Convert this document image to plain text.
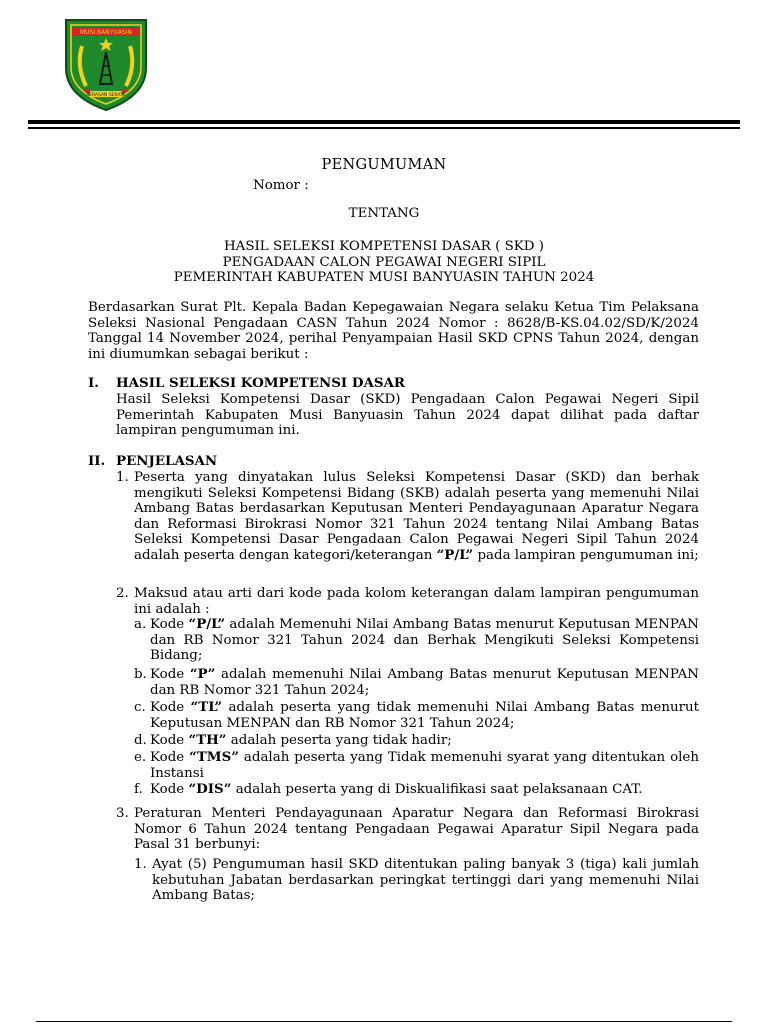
MUSI BANYUASIN
SERASAN SEKATE
PENGUMUMAN
Nomor :
TENTANG
HASIL SELEKSI KOMPETENSI DASAR ( SKD )
PENGADAAN CALON PEGAWAI NEGERI SIPIL
PEMERINTAH KABUPATEN MUSI BANYUASIN TAHUN 2024
Berdasarkan Surat Plt. Kepala Badan Kepegawaian Negara selaku Ketua Tim Pelaksana Seleksi Nasional Pengadaan CASN Tahun 2024 Nomor : 8628/B-KS.04.02/SD/K/2024 Tanggal 14 November 2024, perihal Penyampaian Hasil SKD CPNS Tahun 2024, dengan ini diumumkan sebagai berikut :
I. HASIL SELEKSI KOMPETENSI DASAR
Hasil Seleksi Kompetensi Dasar (SKD) Pengadaan Calon Pegawai Negeri Sipil Pemerintah Kabupaten Musi Banyuasin Tahun 2024 dapat dilihat pada daftar lampiran pengumuman ini.
II. PENJELASAN
1. Peserta yang dinyatakan lulus Seleksi Kompetensi Dasar (SKD) dan berhak mengikuti Seleksi Kompetensi Bidang (SKB) adalah peserta yang memenuhi Nilai Ambang Batas berdasarkan Keputusan Menteri Pendayagunaan Aparatur Negara dan Reformasi Birokrasi Nomor 321 Tahun 2024 tentang Nilai Ambang Batas Seleksi Kompetensi Dasar Pengadaan Calon Pegawai Negeri Sipil Tahun 2024 adalah peserta dengan kategori/keterangan “P/L” pada lampiran pengumuman ini;
2. Maksud atau arti dari kode pada kolom keterangan dalam lampiran pengumuman ini adalah :
a. Kode “P/L” adalah Memenuhi Nilai Ambang Batas menurut Keputusan MENPAN dan RB Nomor 321 Tahun 2024 dan Berhak Mengikuti Seleksi Kompetensi Bidang;
b. Kode “P” adalah memenuhi Nilai Ambang Batas menurut Keputusan MENPAN dan RB Nomor 321 Tahun 2024;
c. Kode “TL” adalah peserta yang tidak memenuhi Nilai Ambang Batas menurut Keputusan MENPAN dan RB Nomor 321 Tahun 2024;
d. Kode “TH” adalah peserta yang tidak hadir;
e. Kode “TMS” adalah peserta yang Tidak memenuhi syarat yang ditentukan oleh Instansi
f. Kode “DIS” adalah peserta yang di Diskualifikasi saat pelaksanaan CAT.
3. Peraturan Menteri Pendayagunaan Aparatur Negara dan Reformasi Birokrasi Nomor 6 Tahun 2024 tentang Pengadaan Pegawai Aparatur Sipil Negara pada Pasal 31 berbunyi:
1. Ayat (5) Pengumuman hasil SKD ditentukan paling banyak 3 (tiga) kali jumlah kebutuhan Jabatan berdasarkan peringkat tertinggi dari yang memenuhi Nilai Ambang Batas;
